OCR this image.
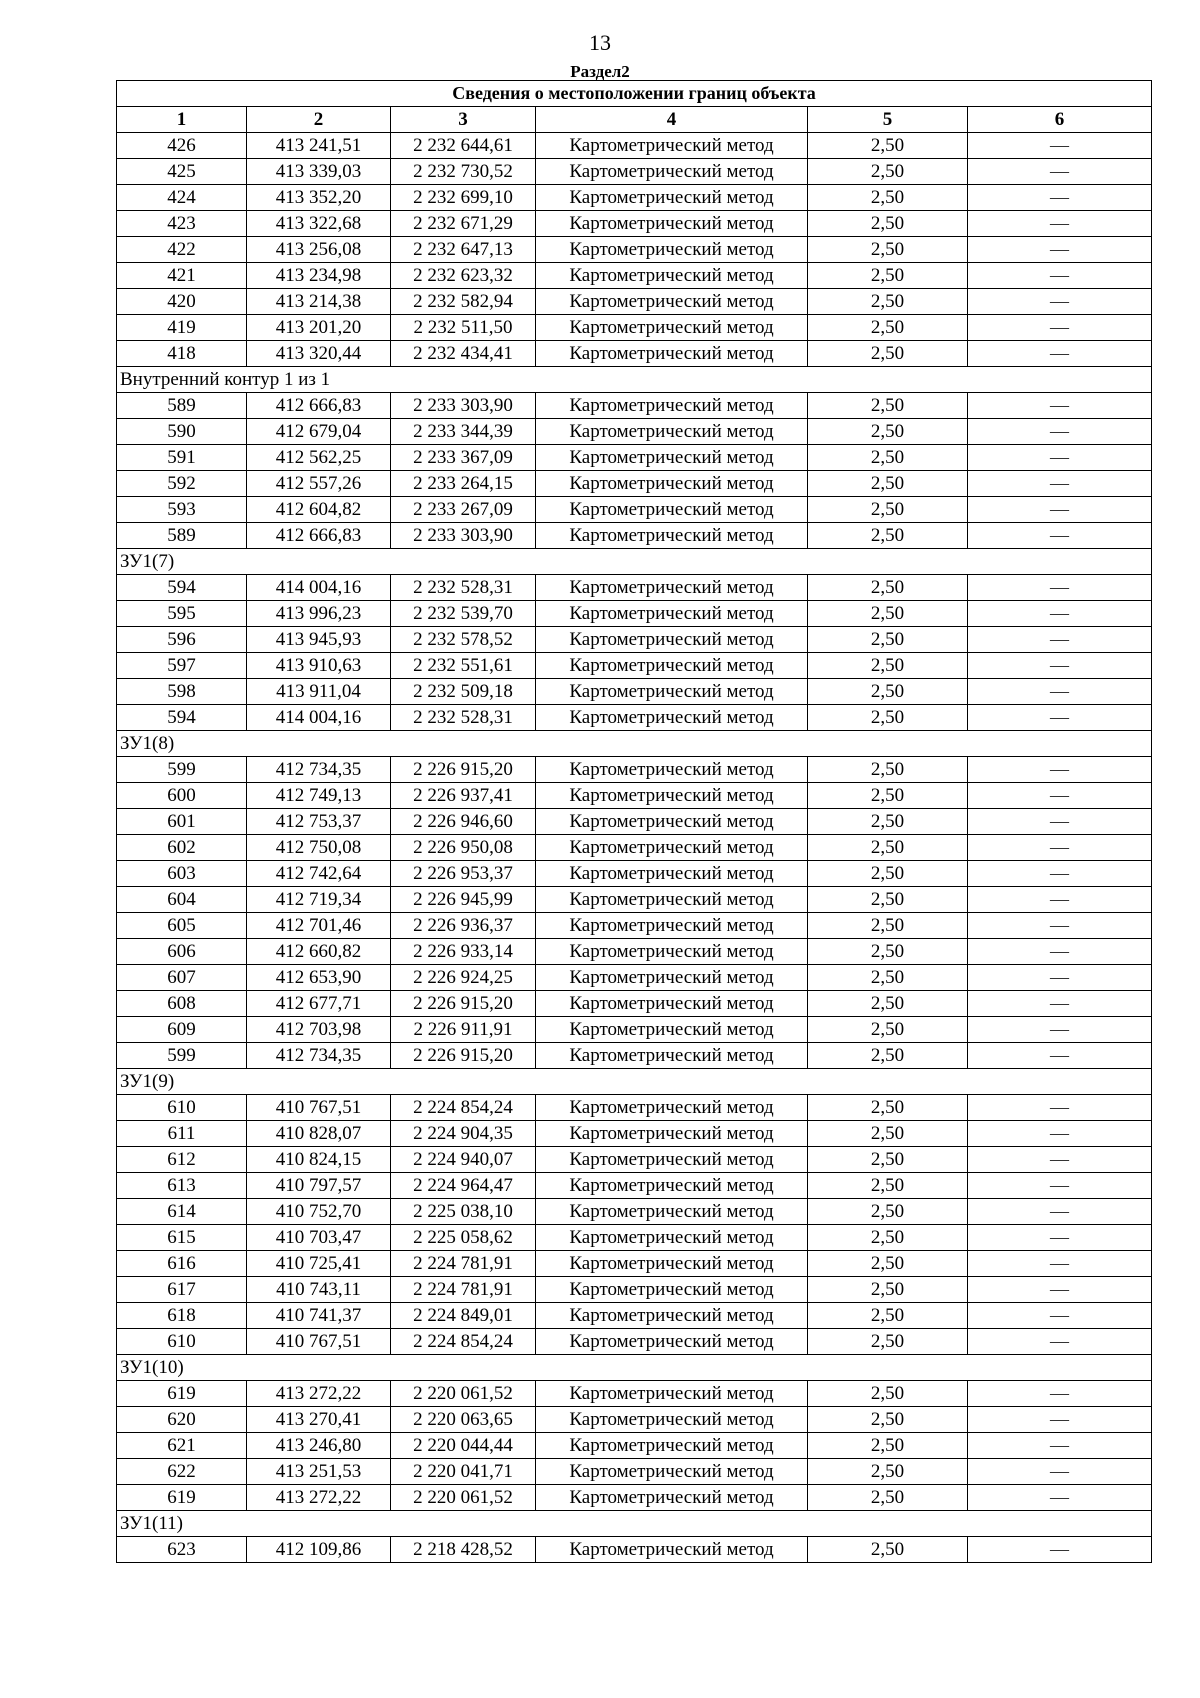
13
Раздел2
Сведения о местоположении границ объекта					
1	2	3	4	5	6
426	413 241,51	2 232 644,61	Картометрический метод	2,50	—
425	413 339,03	2 232 730,52	Картометрический метод	2,50	—
424	413 352,20	2 232 699,10	Картометрический метод	2,50	—
423	413 322,68	2 232 671,29	Картометрический метод	2,50	—
422	413 256,08	2 232 647,13	Картометрический метод	2,50	—
421	413 234,98	2 232 623,32	Картометрический метод	2,50	—
420	413 214,38	2 232 582,94	Картометрический метод	2,50	—
419	413 201,20	2 232 511,50	Картометрический метод	2,50	—
418	413 320,44	2 232 434,41	Картометрический метод	2,50	—
Внутренний контур 1 из 1					
589	412 666,83	2 233 303,90	Картометрический метод	2,50	—
590	412 679,04	2 233 344,39	Картометрический метод	2,50	—
591	412 562,25	2 233 367,09	Картометрический метод	2,50	—
592	412 557,26	2 233 264,15	Картометрический метод	2,50	—
593	412 604,82	2 233 267,09	Картометрический метод	2,50	—
589	412 666,83	2 233 303,90	Картометрический метод	2,50	—
ЗУ1(7)					
594	414 004,16	2 232 528,31	Картометрический метод	2,50	—
595	413 996,23	2 232 539,70	Картометрический метод	2,50	—
596	413 945,93	2 232 578,52	Картометрический метод	2,50	—
597	413 910,63	2 232 551,61	Картометрический метод	2,50	—
598	413 911,04	2 232 509,18	Картометрический метод	2,50	—
594	414 004,16	2 232 528,31	Картометрический метод	2,50	—
ЗУ1(8)					
599	412 734,35	2 226 915,20	Картометрический метод	2,50	—
600	412 749,13	2 226 937,41	Картометрический метод	2,50	—
601	412 753,37	2 226 946,60	Картометрический метод	2,50	—
602	412 750,08	2 226 950,08	Картометрический метод	2,50	—
603	412 742,64	2 226 953,37	Картометрический метод	2,50	—
604	412 719,34	2 226 945,99	Картометрический метод	2,50	—
605	412 701,46	2 226 936,37	Картометрический метод	2,50	—
606	412 660,82	2 226 933,14	Картометрический метод	2,50	—
607	412 653,90	2 226 924,25	Картометрический метод	2,50	—
608	412 677,71	2 226 915,20	Картометрический метод	2,50	—
609	412 703,98	2 226 911,91	Картометрический метод	2,50	—
599	412 734,35	2 226 915,20	Картометрический метод	2,50	—
ЗУ1(9)					
610	410 767,51	2 224 854,24	Картометрический метод	2,50	—
611	410 828,07	2 224 904,35	Картометрический метод	2,50	—
612	410 824,15	2 224 940,07	Картометрический метод	2,50	—
613	410 797,57	2 224 964,47	Картометрический метод	2,50	—
614	410 752,70	2 225 038,10	Картометрический метод	2,50	—
615	410 703,47	2 225 058,62	Картометрический метод	2,50	—
616	410 725,41	2 224 781,91	Картометрический метод	2,50	—
617	410 743,11	2 224 781,91	Картометрический метод	2,50	—
618	410 741,37	2 224 849,01	Картометрический метод	2,50	—
610	410 767,51	2 224 854,24	Картометрический метод	2,50	—
ЗУ1(10)					
619	413 272,22	2 220 061,52	Картометрический метод	2,50	—
620	413 270,41	2 220 063,65	Картометрический метод	2,50	—
621	413 246,80	2 220 044,44	Картометрический метод	2,50	—
622	413 251,53	2 220 041,71	Картометрический метод	2,50	—
619	413 272,22	2 220 061,52	Картометрический метод	2,50	—
ЗУ1(11)					
623	412 109,86	2 218 428,52	Картометрический метод	2,50	—
